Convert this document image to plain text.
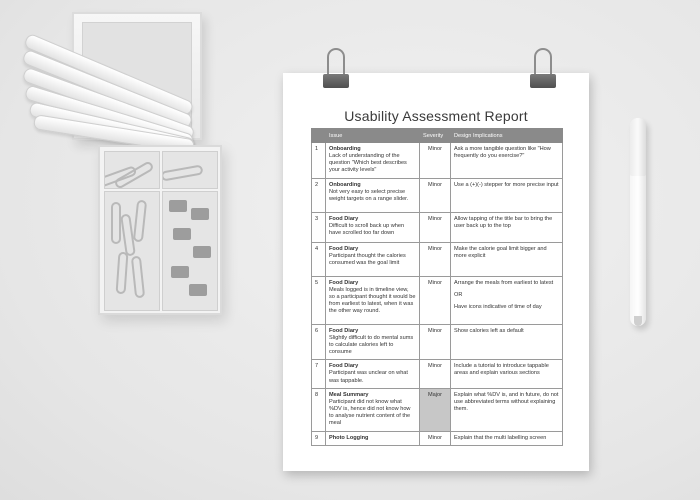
Usability Assessment Report
	Issue	Severity	Design Implications
1	Onboarding
Lack of understanding of the question "Which best describes your activity levels"	Minor	Ask a more tangible question like "How frequently do you exercise?"
2	Onboarding
Not very easy to select precise weight targets on a range slider.	Minor	Use a (+)(-) stepper for more precise input
3	Food Diary
Difficult to scroll back up when have scrolled too far down	Minor	Allow tapping of the title bar to bring the user back up to the top
4	Food Diary
Participant thought the calories consumed was the goal limit	Minor	Make the calorie goal limit bigger and more explicit
5	Food Diary
Meals logged is in timeline view, so a participant thought it would be from earliest to latest, when it was the other way round.	Minor	Arrange the meals from earliest to latest
OR
Have icons indicative of time of day
6	Food Diary
Slightly difficult to do mental sums to calculate calories left to consume	Minor	Show calories left as default
7	Food Diary
Participant was unclear on what was tappable.	Minor	Include a tutorial to introduce tappable areas and explain various sections
8	Meal Summary
Participant did not know what %DV is, hence did not know how to analyse nutrient content of the meal	Major	Explain what %DV is, and in future, do not use abbreviated terms without explaining them.
9	Photo Logging	Minor	Explain that the multi labelling screen
